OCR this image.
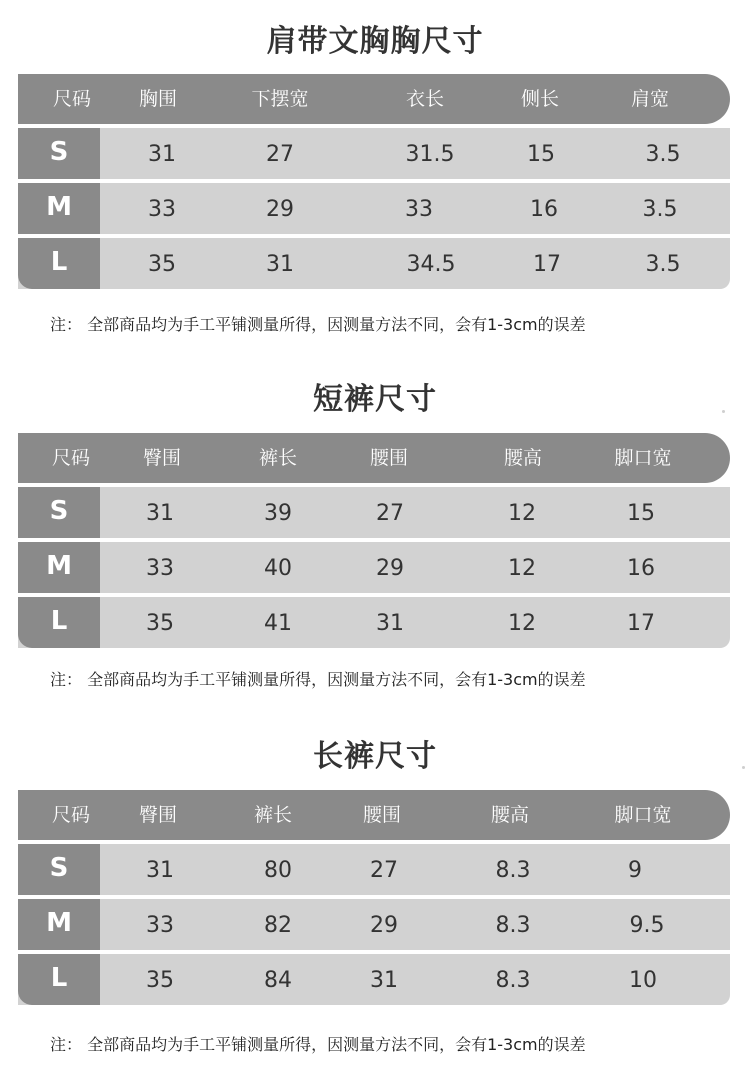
肩带文胸胸尺寸
尺码	胸围	下摆宽	衣长	侧长	肩宽
S	31	27	31.5	15	3.5
M	33	29	33	16	3.5
L	35	31	34.5	17	3.5
注： 全部商品均为手工平铺测量所得，因测量方法不同，会有1-3cm的误差
短裤尺寸
尺码	臀围	裤长	腰围	腰高	脚口宽
S	31	39	27	12	15
M	33	40	29	12	16
L	35	41	31	12	17
注： 全部商品均为手工平铺测量所得，因测量方法不同，会有1-3cm的误差
长裤尺寸
尺码	臀围	裤长	腰围	腰高	脚口宽
S	31	80	27	8.3	9
M	33	82	29	8.3	9.5
L	35	84	31	8.3	10
注： 全部商品均为手工平铺测量所得，因测量方法不同，会有1-3cm的误差
